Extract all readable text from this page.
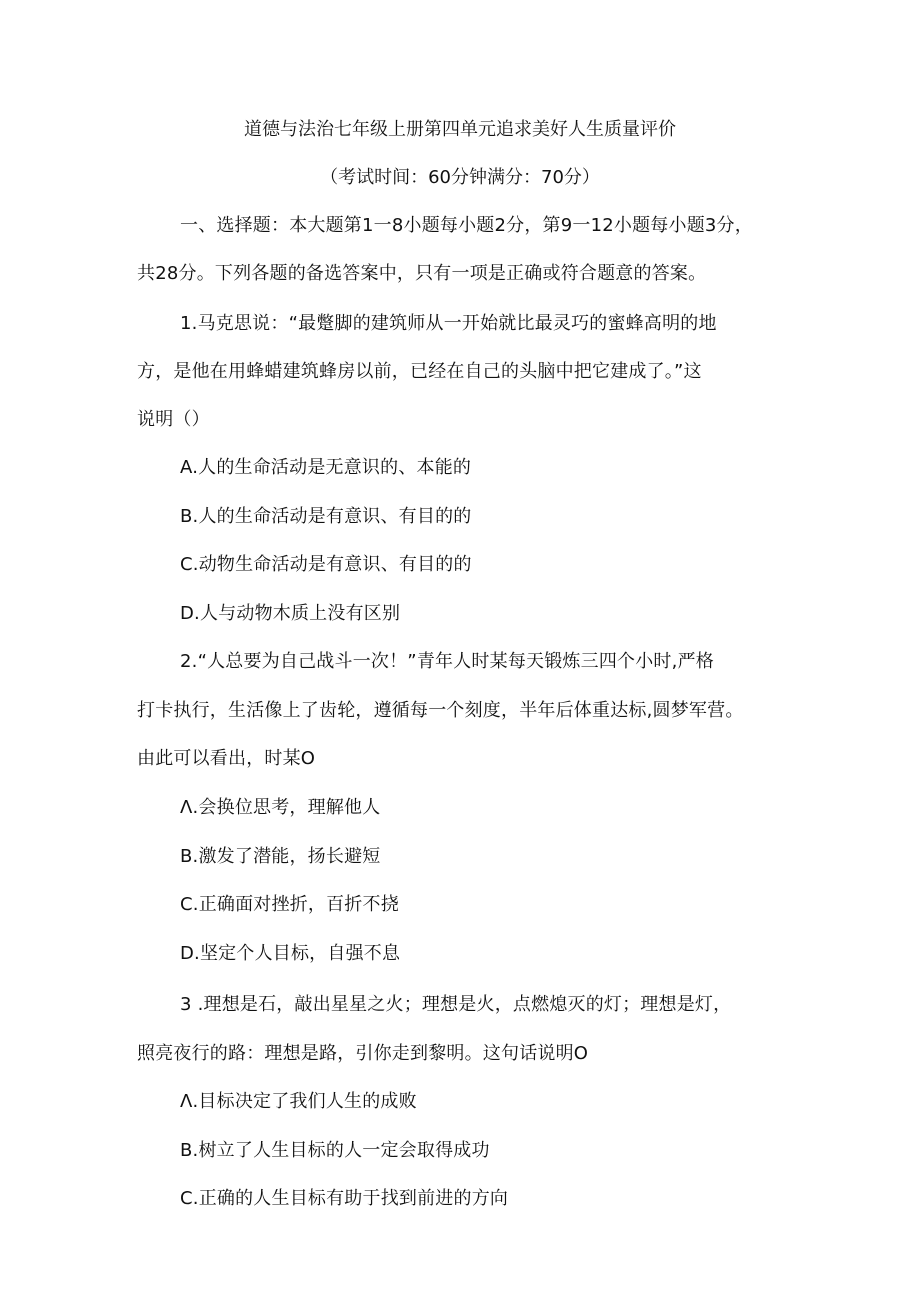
道德与法治七年级上册第四单元追求美好人生质量评价
（考试时间：60分钟满分：70分）
一、选择题：本大题第1一8小题每小题2分，第9一12小题每小题3分，
共28分。下列各题的备选答案中，只有一项是正确或符合题意的答案。
1.马克思说：“最蹩脚的建筑师从一开始就比最灵巧的蜜蜂高明的地
方，是他在用蜂蜡建筑蜂房以前，已经在自己的头脑中把它建成了。”这
说明（）
A.人的生命活动是无意识的、本能的
B.人的生命活动是有意识、有目的的
C.动物生命活动是有意识、有目的的
D.人与动物木质上没有区别
2.“人总要为自己战斗一次！”青年人时某每天锻炼三四个小时,严格
打卡执行，生活像上了齿轮，遵循每一个刻度，半年后体重达标,圆梦军营。
由此可以看出，时某O
Λ.会换位思考，理解他人
B.激发了潜能，扬长避短
C.正确面对挫折，百折不挠
D.坚定个人目标，自强不息
3 .理想是石，敲出星星之火；理想是火，点燃熄灭的灯；理想是灯，
照亮夜行的路：理想是路，引你走到黎明。这句话说明O
Λ.目标决定了我们人生的成败
B.树立了人生目标的人一定会取得成功
C.正确的人生目标有助于找到前进的方向
